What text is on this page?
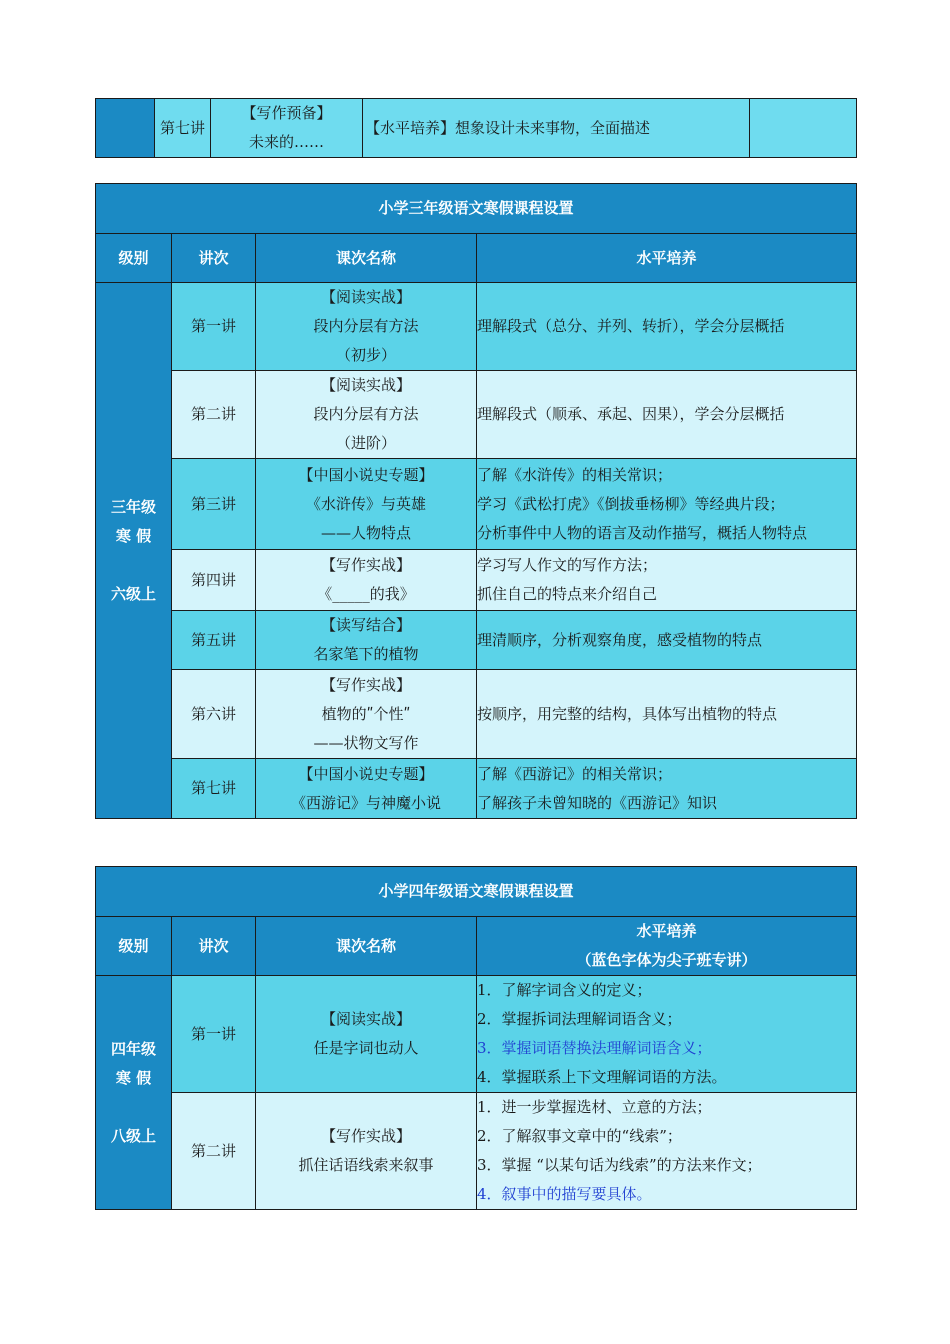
	第七讲	
【写作预备】
未来的……
	【水平培养】想象设计未来事物，全面描述	
小学三年级语文寒假课程设置			
级别	讲次	课次名称	水平培养

三年级
寒 假
六级上	第一讲	【阅读实战】
段内分层有方法
（初步）	理解段式（总分、并列、转折），学会分层概括

	第二讲	【阅读实战】
段内分层有方法
（进阶）	理解段式（顺承、承起、因果），学会分层概括

	第三讲	【中国小说史专题】
《水浒传》与英雄
——人物特点	了解《水浒传》的相关常识；
学习《武松打虎》《倒拔垂杨柳》等经典片段；
分析事件中人物的语言及动作描写，概括人物特点

	第四讲	【写作实战】
《_____的我》	学习写人作文的写作方法；
抓住自己的特点来介绍自己

	第五讲	【读写结合】
名家笔下的植物	理清顺序，分析观察角度，感受植物的特点

	第六讲	【写作实战】
植物的ʺ个性ʺ
——状物文写作	按顺序，用完整的结构，具体写出植物的特点

	第七讲	【中国小说史专题】
《西游记》与神魔小说	了解《西游记》的相关常识；
了解孩子未曾知晓的《西游记》知识
小学四年级语文寒假课程设置			
级别	讲次	课次名称	水平培养
（蓝色字体为尖子班专讲）

四年级
寒 假
八级上	第一讲	【阅读实战】
任是字词也动人	1．了解字词含义的定义；
2．掌握拆词法理解词语含义；
3．掌握词语替换法理解词语含义；
4．掌握联系上下文理解词语的方法。

	第二讲	【写作实战】
抓住话语线索来叙事	1．进一步掌握选材、立意的方法；
2．了解叙事文章中的“线索”；
3．掌握 “以某句话为线索”的方法来作文；
4．叙事中的描写要具体。
